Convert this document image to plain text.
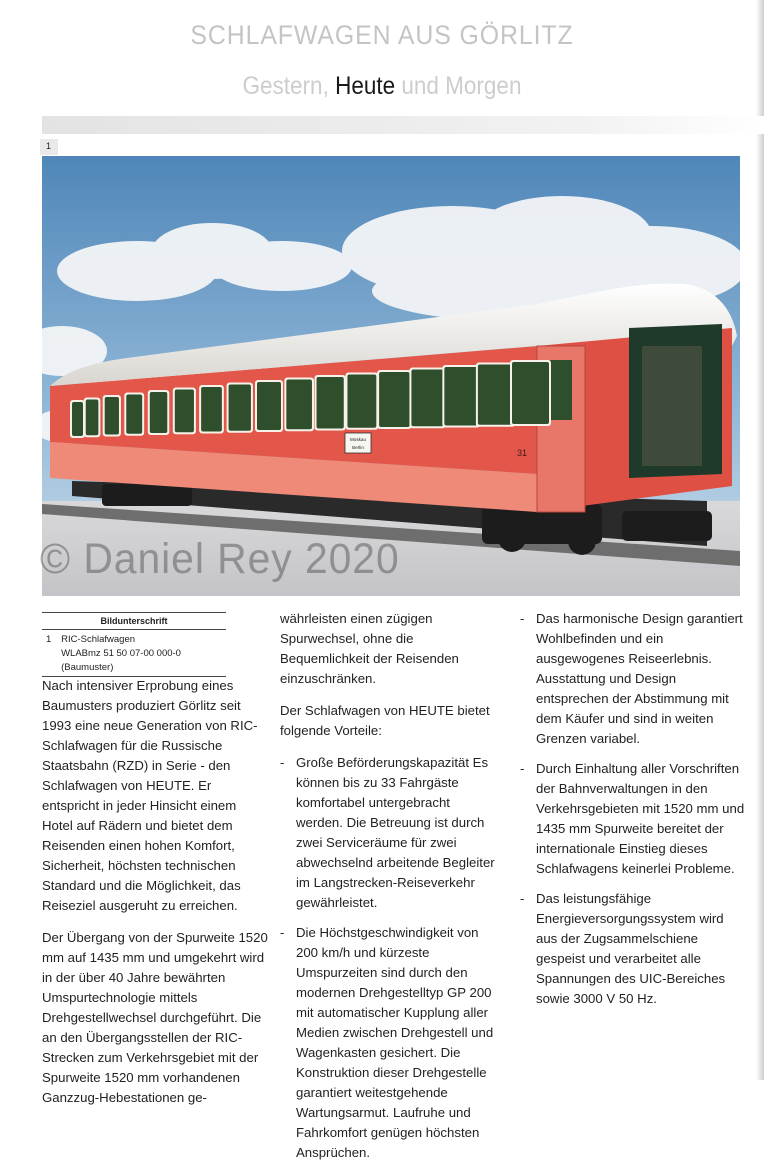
SCHLAFWAGEN AUS GÖRLITZ
Gestern, Heute und Morgen
1
Moskau
Berlin
31
© Daniel Rey 2020
Bildunterschrift
1	RIC-Schlafwagen
WLABmz 51 50 07-00 000-0 (Baumuster)

Nach intensiver Erprobung eines Baumusters produziert Görlitz seit 1993 eine neue Generation von RIC-Schlafwagen für die Russische Staatsbahn (RZD) in Serie - den Schlafwagen von HEUTE. Er entspricht in jeder Hinsicht einem Hotel auf Rädern und bietet dem Reisenden einen hohen Komfort, Sicherheit, höchsten technischen Standard und die Möglichkeit, das Reiseziel ausgeruht zu erreichen.

Der Übergang von der Spurweite 1520 mm auf 1435 mm und umgekehrt wird in der über 40 Jahre bewährten Umspurtechnologie mittels Drehgestellwechsel durchgeführt. Die an den Übergangsstellen der RIC-Strecken zum Verkehrsgebiet mit der Spurweite 1520 mm vorhandenen Ganzzug-Hebestationen ge-

währleisten einen zügigen Spurwechsel, ohne die Bequemlichkeit der Reisenden einzuschränken.

Der Schlafwagen von HEUTE bietet folgende Vorteile:

- Große Beförderungskapazität Es können bis zu 33 Fahrgäste komfortabel untergebracht werden. Die Betreuung ist durch zwei Serviceräume für zwei abwechselnd arbeitende Begleiter im Langstrecken-Reiseverkehr gewährleistet.
- Die Höchstgeschwindigkeit von 200 km/h und kürzeste Umspurzeiten sind durch den modernen Drehgestelltyp GP 200 mit automatischer Kupplung aller Medien zwischen Drehgestell und Wagenkasten gesichert. Die Konstruktion dieser Drehgestelle garantiert weitestgehende Wartungsarmut. Laufruhe und Fahrkomfort genügen höchsten Ansprüchen.
- Das harmonische Design garantiert Wohlbefinden und ein ausgewogenes Reiseerlebnis. Ausstattung und Design entsprechen der Abstimmung mit dem Käufer und sind in weiten Grenzen variabel.
- Durch Einhaltung aller Vorschriften der Bahnverwaltungen in den Verkehrsgebieten mit 1520 mm und 1435 mm Spurweite bereitet der internationale Einstieg dieses Schlafwagens keinerlei Probleme.
- Das leistungsfähige Energieversorgungssystem wird aus der Zugsammelschiene gespeist und verarbeitet alle Spannungen des UIC-Bereiches sowie 3000 V 50 Hz.
